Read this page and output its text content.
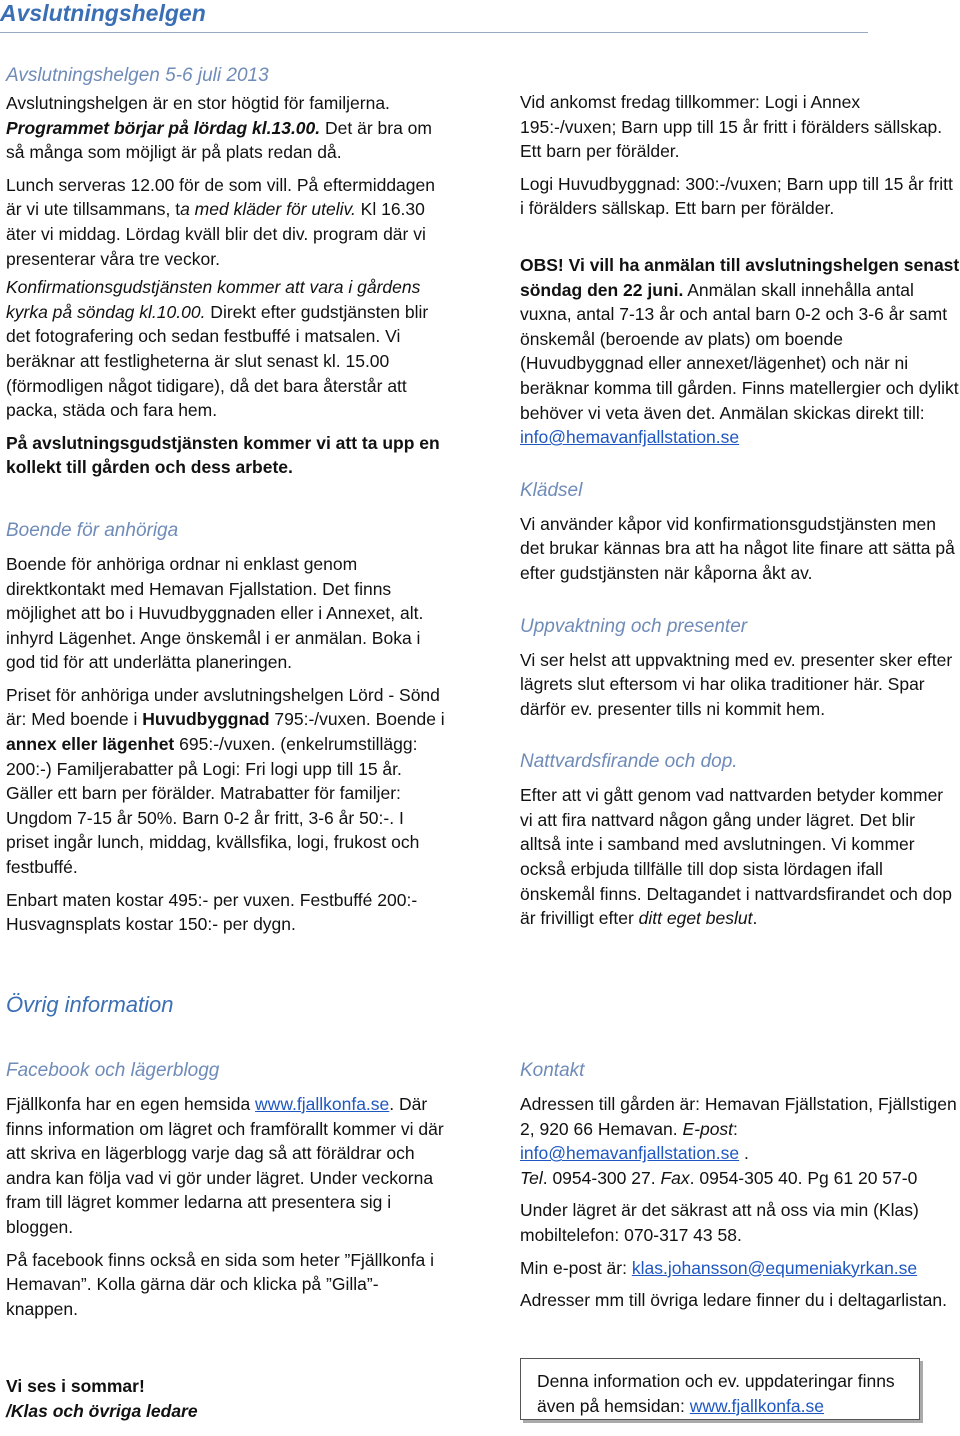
Avslutningshelgen
Avslutningshelgen 5-6 juli 2013

Avslutningshelgen är en stor högtid för familjerna. Programmet börjar på lördag kl.13.00. Det är bra om så många som möjligt är på plats redan då.

Lunch serveras 12.00 för de som vill. På eftermiddagen är vi ute tillsammans, ta med kläder för uteliv. Kl 16.30 äter vi middag. Lördag kväll blir det div. program där vi presenterar våra tre veckor.

Konfirmationsgudstjänsten kommer att vara i gårdens kyrka på söndag kl.10.00. Direkt efter gudstjänsten blir det fotografering och sedan festbuffé i matsalen. Vi beräknar att festligheterna är slut senast kl. 15.00 (förmodligen något tidigare), då det bara återstår att packa, städa och fara hem.

På avslutningsgudstjänsten kommer vi att ta upp en kollekt till gården och dess arbete.

Boende för anhöriga

Boende för anhöriga ordnar ni enklast genom direktkontakt med Hemavan Fjallstation. Det finns möjlighet att bo i Huvudbyggnaden eller i Annexet, alt. inhyrd Lägenhet. Ange önskemål i er anmälan. Boka i god tid för att underlätta planeringen.

Priset för anhöriga under avslutningshelgen Lörd - Sönd är: Med boende i Huvudbyggnad 795:-/vuxen. Boende i annex eller lägenhet 695:-/vuxen. (enkelrumstillägg: 200:-) Familjerabatter på Logi: Fri logi upp till 15 år. Gäller ett barn per förälder. Matrabatter för familjer: Ungdom 7-15 år 50%. Barn 0-2 år fritt, 3-6 år 50:-. I priset ingår lunch, middag, kvällsfika, logi, frukost och festbuffé.

Enbart maten kostar 495:- per vuxen. Festbuffé 200:- Husvagnsplats kostar 150:- per dygn.

Vid ankomst fredag tillkommer: Logi i Annex 195:-/vuxen; Barn upp till 15 år fritt i förälders sällskap. Ett barn per förälder.

Logi Huvudbyggnad: 300:-/vuxen; Barn upp till 15 år fritt i förälders sällskap. Ett barn per förälder.

OBS! Vi vill ha anmälan till avslutningshelgen senast söndag den 22 juni. Anmälan skall innehålla antal vuxna, antal 7-13 år och antal barn 0-2 och 3-6 år samt önskemål (beroende av plats) om boende (Huvudbyggnad eller annexet/lägenhet) och när ni beräknar komma till gården. Finns matellergier och dylikt behöver vi veta även det. Anmälan skickas direkt till: info@hemavanfjallstation.se

Klädsel

Vi använder kåpor vid konfirmationsgudstjänsten men det brukar kännas bra att ha något lite finare att sätta på efter gudstjänsten när kåporna åkt av.

Uppvaktning och presenter

Vi ser helst att uppvaktning med ev. presenter sker efter lägrets slut eftersom vi har olika traditioner här. Spar därför ev. presenter tills ni kommit hem.

Nattvardsfirande och dop.

Efter att vi gått genom vad nattvarden betyder kommer vi att fira nattvard någon gång under lägret. Det blir alltså inte i samband med avslutningen. Vi kommer också erbjuda tillfälle till dop sista lördagen ifall önskemål finns. Deltagandet i nattvardsfirandet och dop är frivilligt efter ditt eget beslut.

Övrig information
Facebook och lägerblogg

Fjällkonfa har en egen hemsida www.fjallkonfa.se. Där finns information om lägret och framförallt kommer vi där att skriva en lägerblogg varje dag så att föräldrar och andra kan följa vad vi gör under lägret. Under veckorna fram till lägret kommer ledarna att presentera sig i bloggen.

På facebook finns också en sida som heter ”Fjällkonfa i Hemavan”. Kolla gärna där och klicka på ”Gilla”-knappen.

Vi ses i sommar!

/Klas och övriga ledare

Kontakt

Adressen till gården är: Hemavan Fjällstation, Fjällstigen 2, 920 66 Hemavan. E-post: info@hemavanfjallstation.se .

Tel. 0954-300 27. Fax. 0954-305 40. Pg 61 20 57-0

Under lägret är det säkrast att nå oss via min (Klas) mobiltelefon: 070-317 43 58.

Min e-post är: klas.johansson@equmeniakyrkan.se

Adresser mm till övriga ledare finner du i deltagarlistan.

Denna information och ev. uppdateringar finns även på hemsidan: www.fjallkonfa.se
